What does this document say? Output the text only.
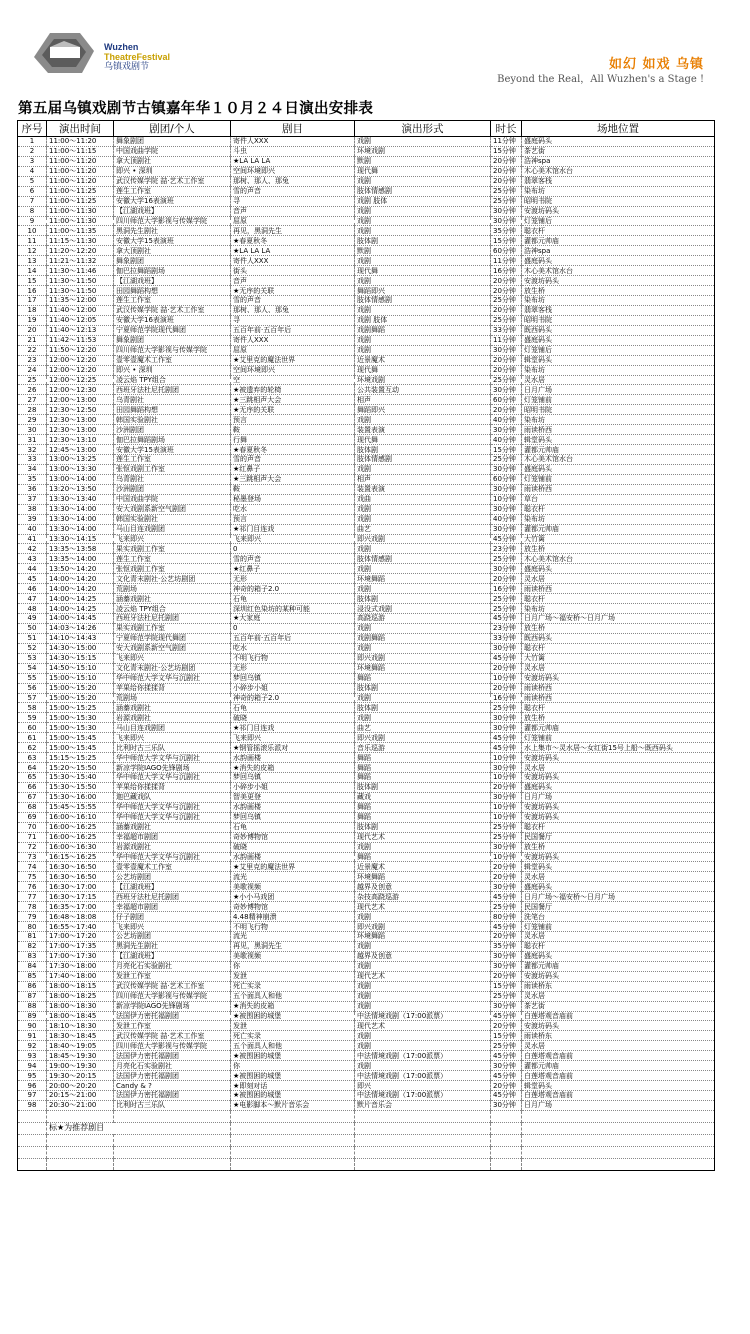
Wuzhen
TheatreFestival
乌镇戏剧节	如幻 如戏 乌镇
Beyond the Real，All Wuzhen's a Stage !
第五届乌镇戏剧节古镇嘉年华１０月２４日演出安排表
序号	演出时间	剧团/个人	剧目	演出形式	时长	场地位置
1	11:00～11:20	舞象剧团	寄件人XXX	戏剧	11分钟	盛庭码头
2	11:00～11:15	中国戏曲学院	斗虫	环境戏剧	15分钟	茶艺街
3	11:00～11:20	拿大顶剧社	★LA LA LA	默剧	20分钟	浩神spa
4	11:00～11:20	即兴 • 深圳	空间环境即兴	现代舞	20分钟	木心美术馆水台
5	11:00～11:20	武汉传媒学院 喆·艺术工作室	那树、那人、那兔	戏剧	20分钟	翡翠客栈
6	11:00～11:25	莲生工作室	雪的声音	肢体情感剧	25分钟	染布坊
7	11:00～11:25	安徽大学16表演班	寻	戏剧 肢体	25分钟	昭明书院
8	11:00～11:30	【江湖戏班】	音声	戏剧	30分钟	安渡坊码头
9	11:00～11:30	四川师范大学影视与传媒学院	屈原	戏剧	30分钟	灯笼铺后
10	11:00～11:35	黑洞先生剧社	再见，黑洞先生	戏剧	35分钟	聪衣杆
11	11:15～11:30	安徽大学15表演班	★春夏秋冬	肢体剧	15分钟	灌都元帅庙
12	11:20～12:20	拿大顶剧社	★LA LA LA	默剧	60分钟	浩神spa
13	11:21～11:32	舞象剧团	寄件人XXX	戏剧	11分钟	盛庭码头
14	11:30～11:46	伽巴拉舞蹈剧场	街头	现代舞	16分钟	木心美术馆水台
15	11:30～11:50	【江湖戏班】	音声	戏剧	20分钟	安渡坊码头
16	11:30～11:50	田园舞蹈构想	★无序的关联	舞蹈即兴	20分钟	放生桥
17	11:35～12:00	莲生工作室	雪的声音	肢体情感剧	25分钟	染布坊
18	11:40～12:00	武汉传媒学院 喆·艺术工作室	那树、那人、那兔	戏剧	20分钟	翡翠客栈
19	11:40～12:05	安徽大学16表演班	寻	戏剧 肢体	25分钟	昭明书院
20	11:40～12:13	宁夏师范学院现代舞团	五百年前·五百年后	戏剧舞蹈	33分钟	既西码头
21	11:42～11:53	舞象剧团	寄件人XXX	戏剧	11分钟	盛庭码头
22	11:50～12:20	四川师范大学影视与传媒学院	屈原	戏剧	30分钟	灯笼铺后
23	12:00～12:20	壹零壹魔术工作室	★艾里克的魔法世界	近景魔术	20分钟	辑堂码头
24	12:00～12:20	即兴 • 深圳	空间环境即兴	现代舞	20分钟	染布坊
25	12:00～12:25	凌云焰 TPY组合	空	环境戏剧	25分钟	灵水居
26	12:00～12:30	西班牙法杜尼托剧团	★被遗弃的轮椅	公共装置互动	30分钟	日月广场
27	12:00～13:00	乌青剧社	★三跳相声大会	相声	60分钟	灯笼铺前
28	12:30～12:50	田园舞蹈构想	★无序的关联	舞蹈即兴	20分钟	昭明书院
29	12:30～13:00	韩国实验剧社	预言	戏剧	40分钟	染布坊
30	12:30～13:00	沙洲剧团	鞍	装置表演	30分钟	雨读桥西
31	12:30～13:10	伽巴拉舞蹈剧场	行舞	现代舞	40分钟	辑堂码头
32	12:45～13:00	安徽大学15表演班	★春夏秋冬	肢体剧	15分钟	灌都元帅庙
33	13:00～13:25	莲生工作室	雪的声音	肢体情感剧	25分钟	木心美术馆水台
34	13:00～13:30	张怄戏剧工作室	★红鼻子	戏剧	30分钟	盛庭码头
35	13:00～14:00	乌青剧社	★三跳相声大会	相声	60分钟	灯笼铺前
36	13:20～13:50	沙洲剧团	鞍	装置表演	30分钟	雨读桥西
37	13:30～13:40	中国戏曲学院	秘墨登场	戏曲	10分钟	草台
38	13:30～14:00	安大戏剧系新空气剧团	吃水	戏剧	30分钟	聪衣杆
39	13:30～14:00	韩国实验剧社	预言	戏剧	40分钟	染布坊
40	13:30～14:00	马山目连戏剧团	★祁门目连戏	曲艺	30分钟	灌都元帅庙
41	13:30～14:15	飞来即兴	飞来即兴	即兴戏剧	45分钟	大竹篱
42	13:35～13:58	果实戏剧工作室	0	戏剧	23分钟	放生桥
43	13:35～14:00	莲生工作室	雪的声音	肢体情感剧	25分钟	木心美术馆水台
44	13:50～14:20	张怄戏剧工作室	★红鼻子	戏剧	30分钟	盛庭码头
45	14:00～14:20	文化青末剧社·公艺坊剧团	无形	环境舞蹈	20分钟	灵水居
46	14:00～14:20	荒剧场	神奇的箱子2.0	戏剧	16分钟	雨读桥西
47	14:00～14:25	涵蓁戏剧社	石龟	肢体剧	25分钟	聪衣杆
48	14:00～14:25	凌云焰 TPY组合	深圳红色染坊的某种可能	浸没式戏剧	25分钟	染布坊
49	14:00～14:45	西班牙法杜尼托剧团	★大家庭	高跷巡游	45分钟	日月广场～福安桥～日月广场
50	14:03～14:26	果实戏剧工作室	0	戏剧	23分钟	放生桥
51	14:10～14:43	宁夏师范学院现代舞团	五百年前·五百年后	戏剧舞蹈	33分钟	既西码头
52	14:30～15:00	安大戏剧系新空气剧团	吃水	戏剧	30分钟	聪衣杆
53	14:30～15:15	飞来即兴	不明飞行物	即兴戏剧	45分钟	大竹篱
54	14:50～15:10	文化青末剧社·公艺坊剧团	无形	环境舞蹈	20分钟	灵水居
55	15:00～15:10	华中师范大学文华与沉剧社	梦回乌镇	舞蹈	10分钟	安渡坊码头
56	15:00～15:20	苹果给你揉揉背	小碎步小姐	肢体剧	20分钟	雨读桥西
57	15:00～15:20	荒剧场	神奇的箱子2.0	戏剧	16分钟	雨读桥西
58	15:00～15:25	涵蓁戏剧社	石龟	肢体剧	25分钟	聪衣杆
59	15:00～15:30	岩源戏剧社	破晓	戏剧	30分钟	放生桥
60	15:00～15:30	马山目连戏剧团	★祁门目连戏	曲艺	30分钟	灌都元帅庙
61	15:00～15:45	飞来即兴	飞来即兴	即兴戏剧	45分钟	灯笼铺前
62	15:00～15:45	比利时古三乐队	★钢管摇滚乐派对	音乐巡游	45分钟	水上集市～灵水居～女红街15号上船～既西码头
63	15:15～15:25	华中师范大学文华与沉剧社	水韵画楼	舞蹈	10分钟	安渡坊码头
64	15:20～15:50	新凉学院IAGO先锋剧场	★消失的皮箱	舞蹈	30分钟	灵水居
65	15:30～15:40	华中师范大学文华与沉剧社	梦回乌镇	舞蹈	10分钟	安渡坊码头
66	15:30～15:50	苹果给你揉揉背	小碎步小姐	肢体剧	20分钟	盛庭码头
67	15:30～16:00	迦巴藏戏队	智美更登	藏戏	30分钟	日月广场
68	15:45～15:55	华中师范大学文华与沉剧社	水韵画楼	舞蹈	10分钟	安渡坊码头
69	16:00～16:10	华中师范大学文华与沉剧社	梦回乌镇	舞蹈	10分钟	安渡坊码头
70	16:00～16:25	涵蓁戏剧社	石龟	肢体剧	25分钟	聪衣杆
71	16:00～16:25	幸福超市剧团	奇妙博物馆	现代艺术	25分钟	民国餐厅
72	16:00～16:30	岩源戏剧社	破晓	戏剧	30分钟	放生桥
73	16:15～16:25	华中师范大学文华与沉剧社	水韵画楼	舞蹈	10分钟	安渡坊码头
74	16:30～16:50	壹零壹魔术工作室	★艾里克的魔法世界	近景魔术	20分钟	辑堂码头
75	16:30～16:50	公艺坊剧团	流光	环境舞蹈	20分钟	灵水居
76	16:30～17:00	【江湖戏班】	美歌视频	越界及创意	30分钟	盛庭码头
77	16:30～17:15	西班牙法杜尼托剧团	★小小马戏团	杂技高跷巡游	45分钟	日月广场～福安桥～日月广场
78	16:35～17:00	幸福超市剧团	奇妙博物馆	现代艺术	25分钟	民国餐厅
79	16:48～18:08	仔子剧团	4.48精神崩溃	戏剧	80分钟	洗笔台
80	16:55～17:40	飞来即兴	不明飞行物	即兴戏剧	45分钟	灯笼铺前
81	17:00～17:20	公艺坊剧团	流光	环境舞蹈	20分钟	灵水居
82	17:00～17:35	黑洞先生剧社	再见，黑洞先生	戏剧	35分钟	聪衣杆
83	17:00～17:30	【江湖戏班】	美歌视频	越界及创意	30分钟	盛庭码头
84	17:30～18:00	月亮化石实验剧社	你	戏剧	30分钟	灌都元帅庙
85	17:40～18:00	发泄工作室	发泄	现代艺术	20分钟	安渡坊码头
86	18:00～18:15	武汉传媒学院 喆·艺术工作室	死亡实录	戏剧	15分钟	雨读桥东
87	18:00～18:25	四川师范大学影视与传媒学院	五个面具人和他	戏剧	25分钟	灵水居
88	18:00～18:30	新凉学院IAGO先锋剧场	★消失的皮箱	戏剧	30分钟	茶艺街
89	18:00～18:45	法国伊力密托福剧团	★被围困的城堡	中法情境戏剧（17:00派票）	45分钟	白莲塔观音庙前
90	18:10～18:30	发泄工作室	发泄	现代艺术	20分钟	安渡坊码头
91	18:30～18:45	武汉传媒学院 喆·艺术工作室	死亡实录	戏剧	15分钟	雨读桥东
92	18:40～19:05	四川师范大学影视与传媒学院	五个面具人和他	戏剧	25分钟	灵水居
93	18:45～19:30	法国伊力密托福剧团	★被围困的城堡	中法情境戏剧（17:00派票）	45分钟	白莲塔观音庙前
94	19:00～19:30	月亮化石实验剧社	你	戏剧	30分钟	灌都元帅庙
95	19:30～20:15	法国伊力密托福剧团	★被围困的城堡	中法情境戏剧（17:00派票）	45分钟	白莲塔观音庙前
96	20:00～20:20	Candy & ?	★即刻对话	即兴	20分钟	辑堂码头
97	20:15～21:00	法国伊力密托福剧团	★被围困的城堡	中法情境戏剧（17:00派票）	45分钟	白莲塔观音庙前
98	20:30～21:00	比利时古三乐队	★电影脚本～默片音乐会	默片音乐会	30分钟	日月广场

	标★为推荐剧目					
